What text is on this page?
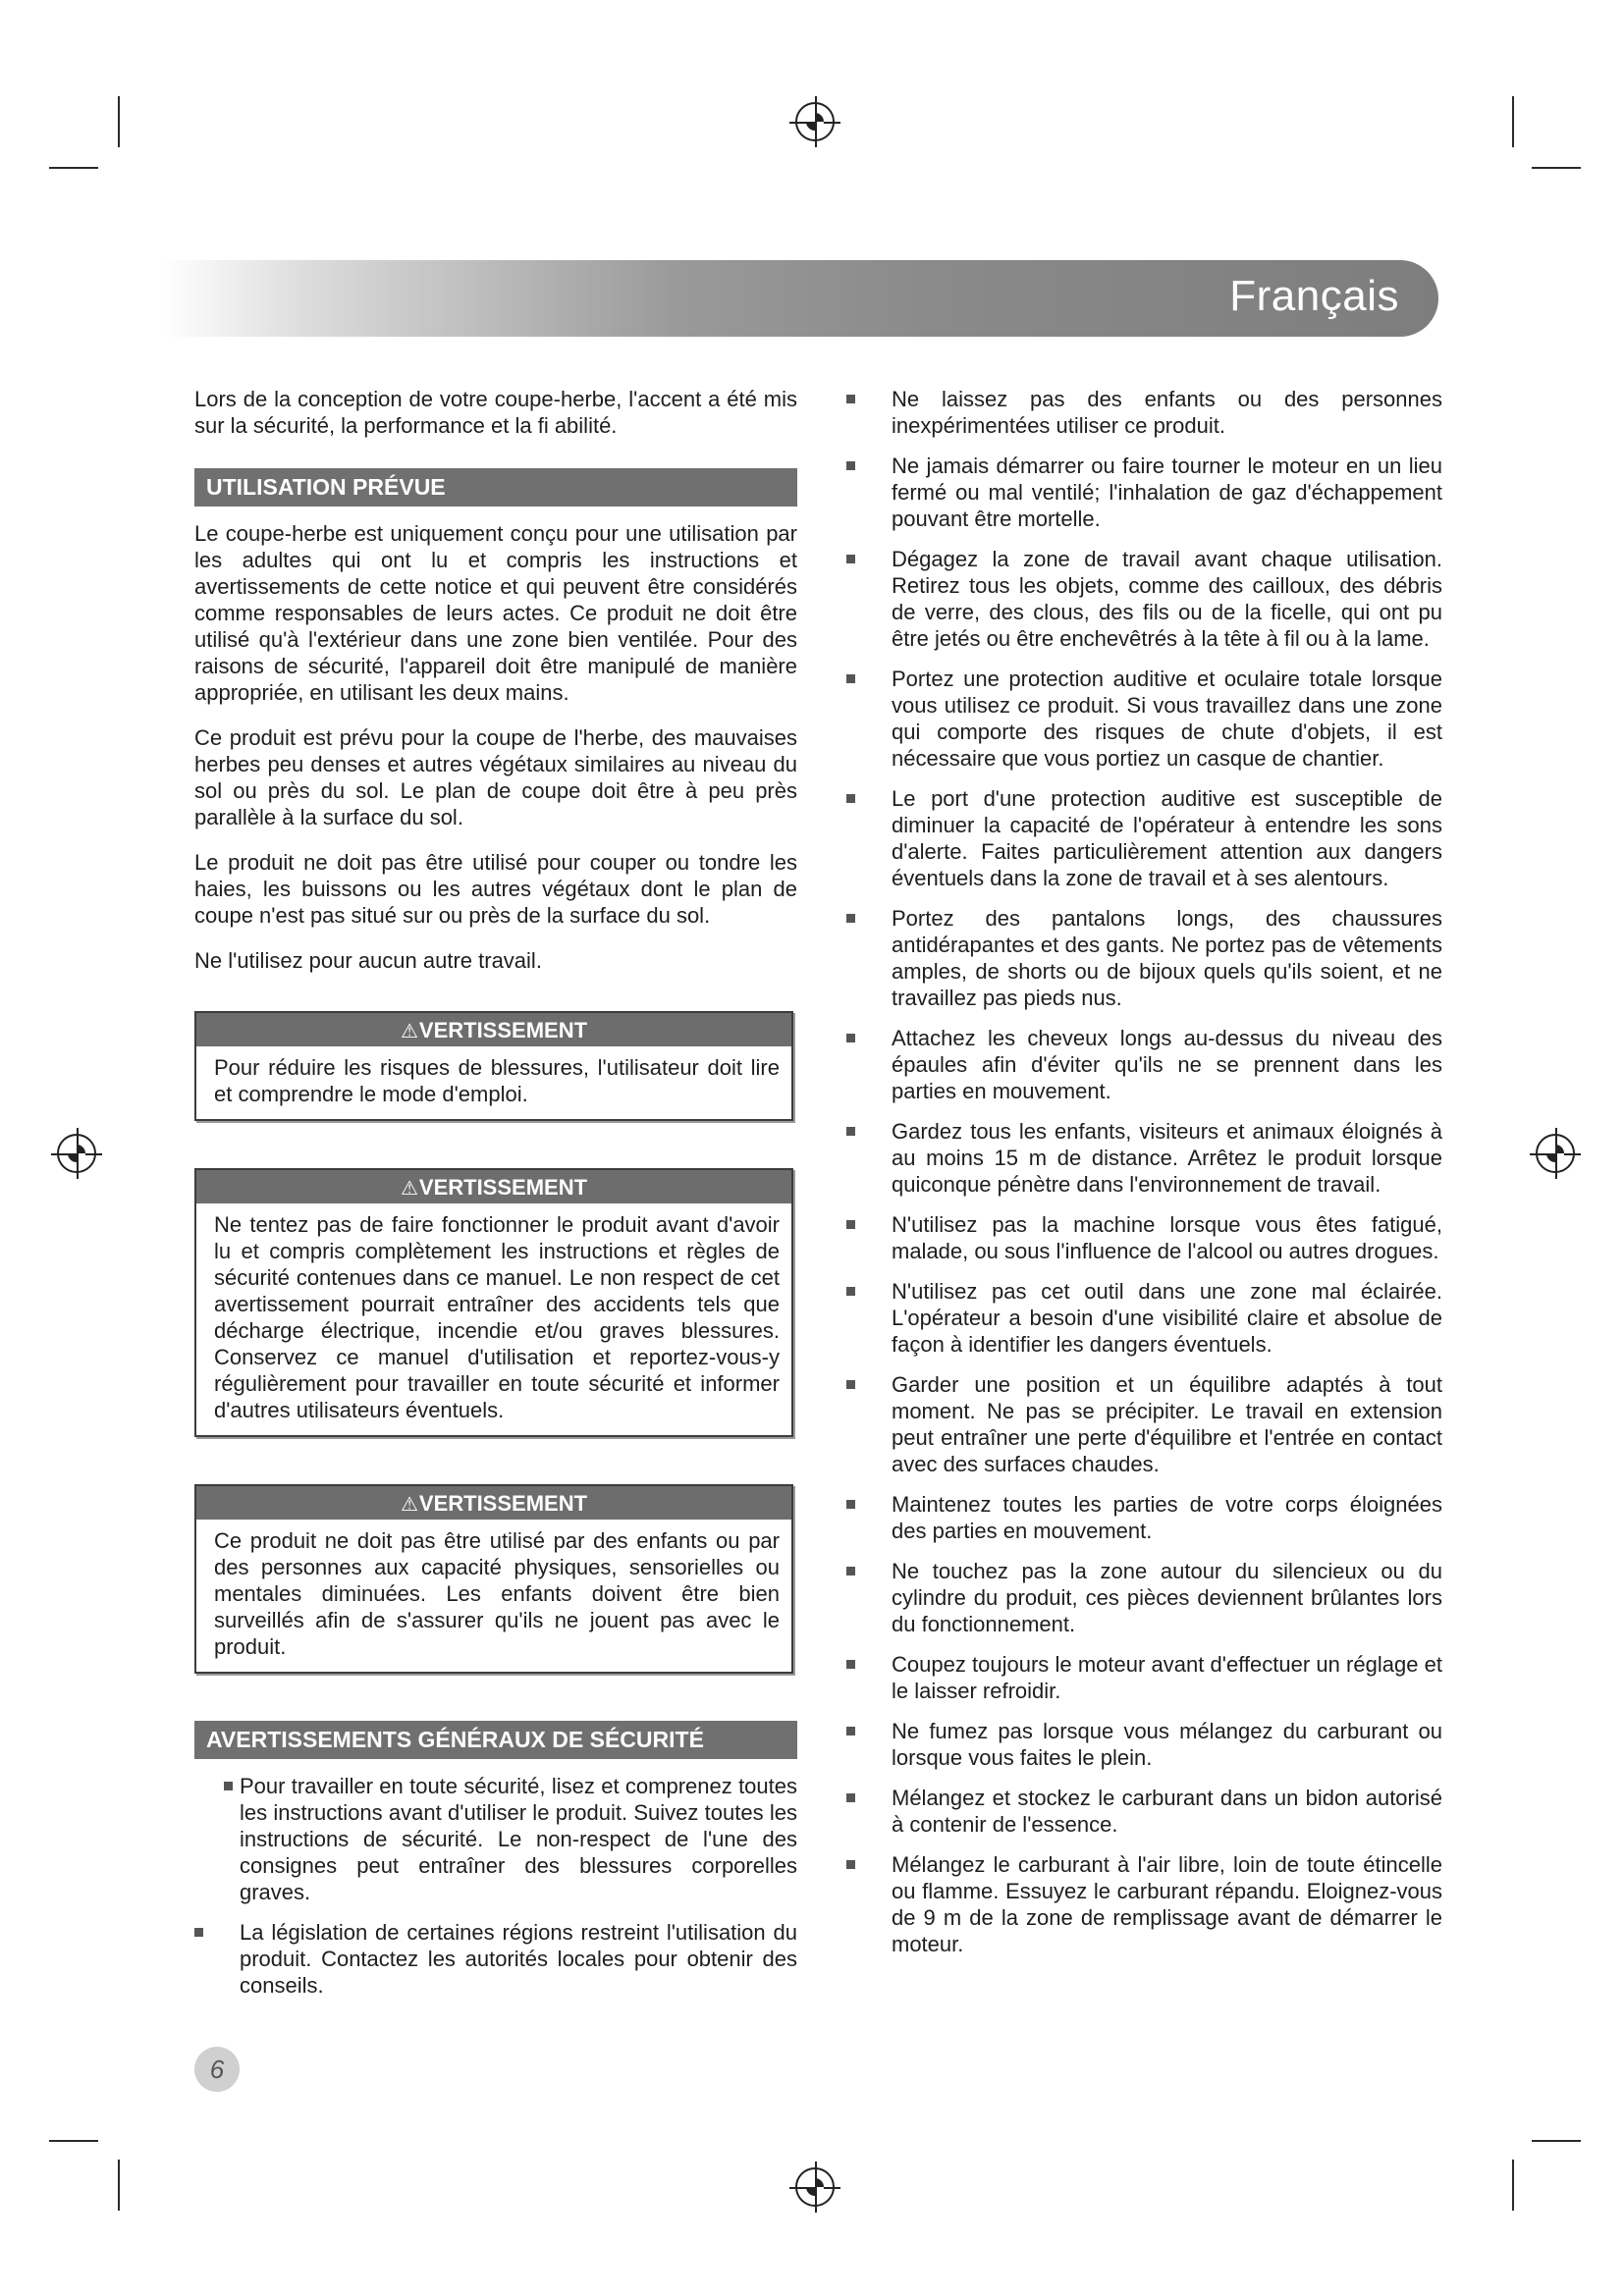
Français

Lors de la conception de votre coupe-herbe, l'accent a été mis sur la sécurité, la performance et la fi abilité.

UTILISATION PRÉVUE

Le coupe-herbe est uniquement conçu pour une utilisation par les adultes qui ont lu et compris les instructions et avertissements de cette notice et qui peuvent être considérés comme responsables de leurs actes. Ce produit ne doit être utilisé qu'à l'extérieur dans une zone bien ventilée. Pour des raisons de sécurité, l'appareil doit être manipulé de manière appropriée, en utilisant les deux mains.

Ce produit est prévu pour la coupe de l'herbe, des mauvaises herbes peu denses et autres végétaux similaires au niveau du sol ou près du sol. Le plan de coupe doit être à peu près parallèle à la surface du sol.

Le produit ne doit pas être utilisé pour couper ou tondre les haies, les buissons ou les autres végétaux dont le plan de coupe n'est pas situé sur ou près de la surface du sol.

Ne l'utilisez pour aucun autre travail.

⚠VERTISSEMENT

Pour réduire les risques de blessures, l'utilisateur doit lire et comprendre le mode d'emploi.

⚠VERTISSEMENT

Ne tentez pas de faire fonctionner le produit avant d'avoir lu et compris complètement les instructions et règles de sécurité contenues dans ce manuel. Le non respect de cet avertissement pourrait entraîner des accidents tels que décharge électrique, incendie et/ou graves blessures. Conservez ce manuel d'utilisation et reportez-vous-y régulièrement pour travailler en toute sécurité et informer d'autres utilisateurs éventuels.

⚠VERTISSEMENT

Ce produit ne doit pas être utilisé par des enfants ou par des personnes aux capacité physiques, sensorielles ou mentales diminuées. Les enfants doivent être bien surveillés afin de s'assurer qu'ils ne jouent pas avec le produit.

AVERTISSEMENTS GÉNÉRAUX DE SÉCURITÉ
Pour travailler en toute sécurité, lisez et comprenez toutes les instructions avant d'utiliser le produit. Suivez toutes les instructions de sécurité. Le non-respect de l'une des consignes peut entraîner des blessures corporelles graves.
La législation de certaines régions restreint l'utilisation du produit. Contactez les autorités locales pour obtenir des conseils.
6
Ne laissez pas des enfants ou des personnes inexpérimentées utiliser ce produit.
Ne jamais démarrer ou faire tourner le moteur en un lieu fermé ou mal ventilé; l'inhalation de gaz d'échappement pouvant être mortelle.
Dégagez la zone de travail avant chaque utilisation. Retirez tous les objets, comme des cailloux, des débris de verre, des clous, des fils ou de la ficelle, qui ont pu être jetés ou être enchevêtrés à la tête à fil ou à la lame.
Portez une protection auditive et oculaire totale lorsque vous utilisez ce produit. Si vous travaillez dans une zone qui comporte des risques de chute d'objets, il est nécessaire que vous portiez un casque de chantier.
Le port d'une protection auditive est susceptible de diminuer la capacité de l'opérateur à entendre les sons d'alerte. Faites particulièrement attention aux dangers éventuels dans la zone de travail et à ses alentours.
Portez des pantalons longs, des chaussures antidérapantes et des gants. Ne portez pas de vêtements amples, de shorts ou de bijoux quels qu'ils soient, et ne travaillez pas pieds nus.
Attachez les cheveux longs au-dessus du niveau des épaules afin d'éviter qu'ils ne se prennent dans les parties en mouvement.
Gardez tous les enfants, visiteurs et animaux éloignés à au moins 15 m de distance. Arrêtez le produit lorsque quiconque pénètre dans l'environnement de travail.
N'utilisez pas la machine lorsque vous êtes fatigué, malade, ou sous l'influence de l'alcool ou autres drogues.
N'utilisez pas cet outil dans une zone mal éclairée. L'opérateur a besoin d'une visibilité claire et absolue de façon à identifier les dangers éventuels.
Garder une position et un équilibre adaptés à tout moment. Ne pas se précipiter. Le travail en extension peut entraîner une perte d'équilibre et l'entrée en contact avec des surfaces chaudes.
Maintenez toutes les parties de votre corps éloignées des parties en mouvement.
Ne touchez pas la zone autour du silencieux ou du cylindre du produit, ces pièces deviennent brûlantes lors du fonctionnement.
Coupez toujours le moteur avant d'effectuer un réglage et le laisser refroidir.
Ne fumez pas lorsque vous mélangez du carburant ou lorsque vous faites le plein.
Mélangez et stockez le carburant dans un bidon autorisé à contenir de l'essence.
Mélangez le carburant à l'air libre, loin de toute étincelle ou flamme. Essuyez le carburant répandu. Eloignez-vous de 9 m de la zone de remplissage avant de démarrer le moteur.
